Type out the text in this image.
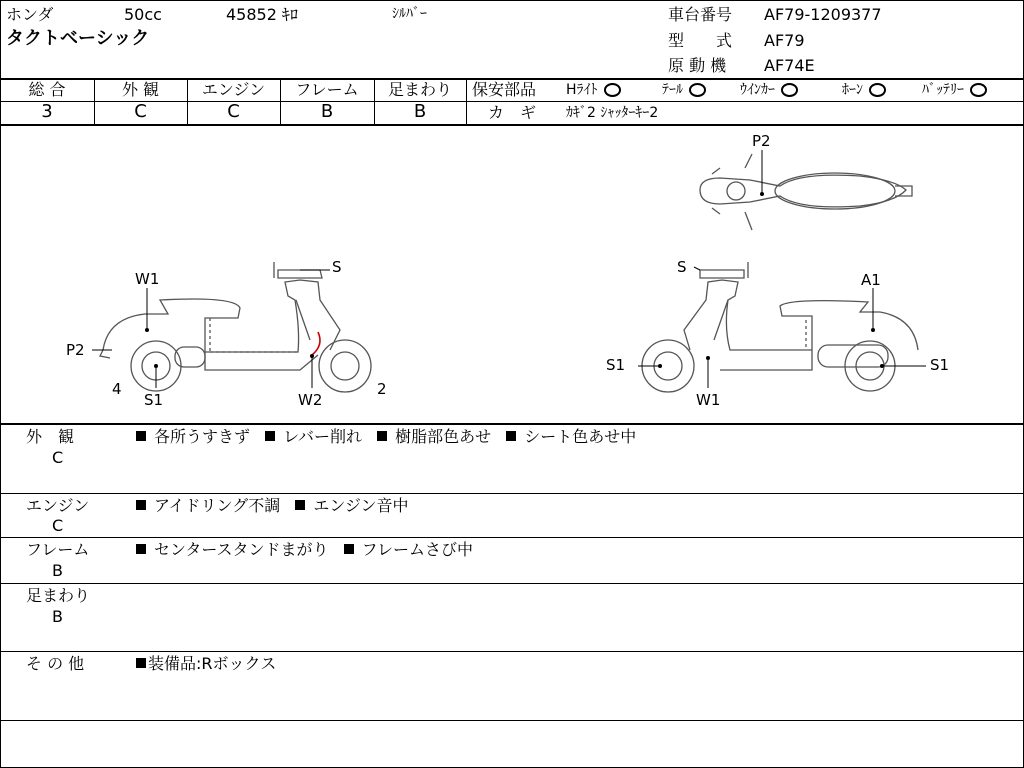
ホンダ	50cc	45852 ｷﾛ	ｼﾙﾊﾞｰ
タクトベーシック
車台番号 AF79-1209377
型　　式 AF79
原 動 機 AF74E
総 合	外 観	エンジン	フレーム	足まわり
3	C	C	B	B
保安部品 Hﾗｲﾄ	ﾃｰﾙ	ｳｲﾝｶｰ	ﾎｰﾝ	ﾊﾞｯﾃﾘｰ
カ　ギ ｶｷﾞ2 ｼｬｯﾀｰｷｰ2
W1
S
P2
4
S1	W2
2
S
A1
S1
W1
S1
P2
外　観
C
各所うすきず レバー削れ 樹脂部色あせ シート色あせ中
エンジン
C
アイドリング不調 エンジン音中
フレーム
B
センタースタンドまがり フレームさび中
足まわり
B
そ の 他	装備品:Rボックス
